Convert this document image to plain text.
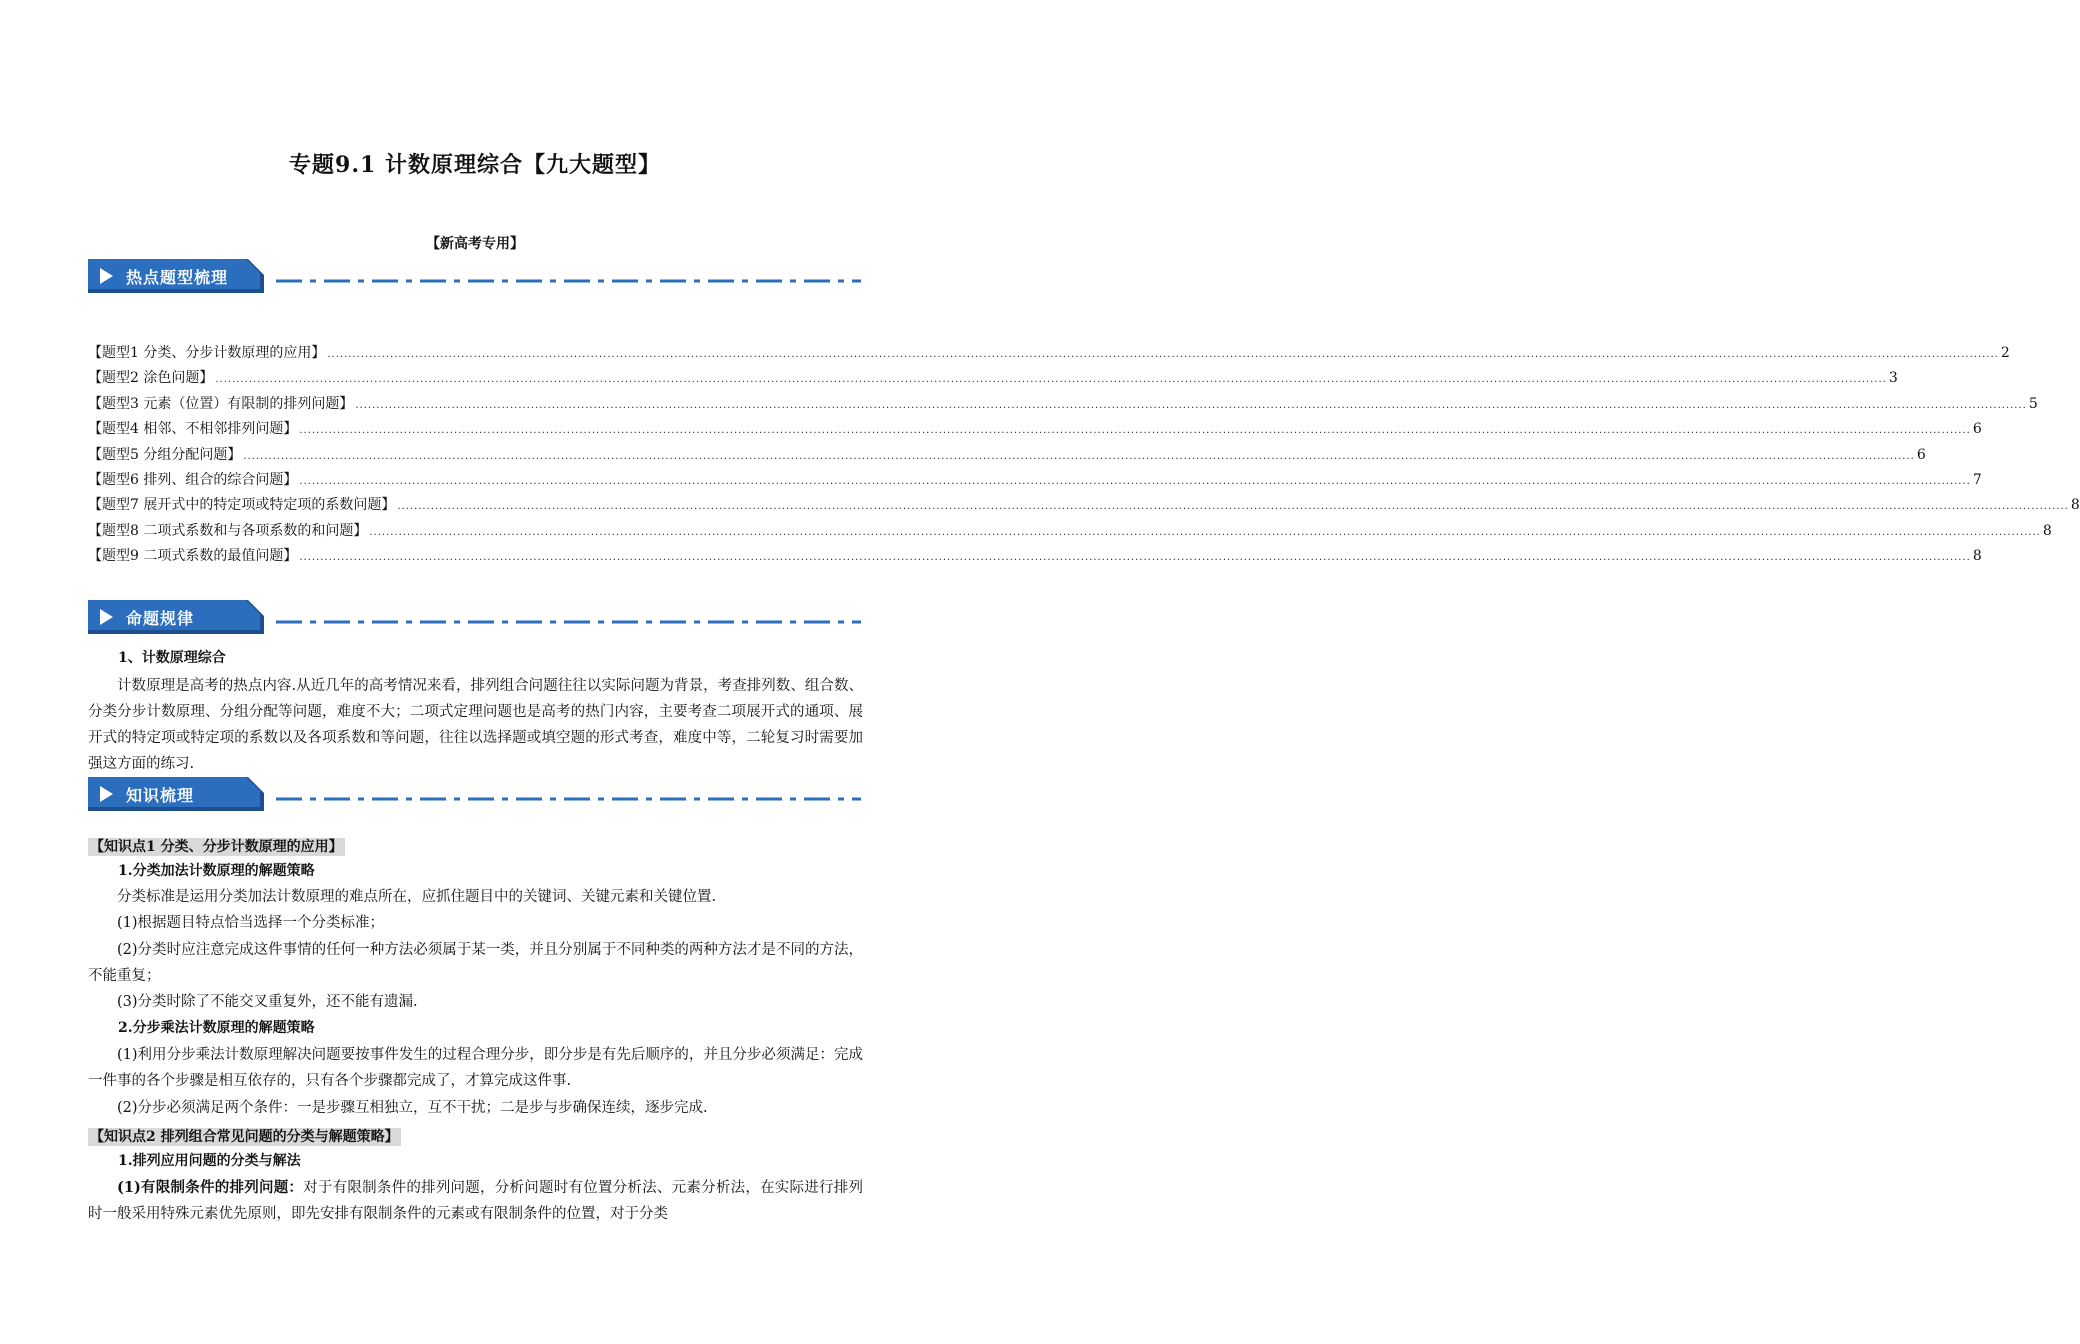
专题9.1 计数原理综合【九大题型】
【新高考专用】
热点题型梳理
【题型1 分类、分步计数原理的应用】 ................................................................................................................................................................................................................................................................................................................................................................................................................ 2
【题型2 涂色问题】 ................................................................................................................................................................................................................................................................................................................................................................................................................ 3
【题型3 元素（位置）有限制的排列问题】 ................................................................................................................................................................................................................................................................................................................................................................................................................ 5
【题型4 相邻、不相邻排列问题】 ................................................................................................................................................................................................................................................................................................................................................................................................................ 6
【题型5 分组分配问题】 ................................................................................................................................................................................................................................................................................................................................................................................................................ 6
【题型6 排列、组合的综合问题】 ................................................................................................................................................................................................................................................................................................................................................................................................................ 7
【题型7 展开式中的特定项或特定项的系数问题】 ................................................................................................................................................................................................................................................................................................................................................................................................................ 8
【题型8 二项式系数和与各项系数的和问题】 ................................................................................................................................................................................................................................................................................................................................................................................................................ 8
【题型9 二项式系数的最值问题】 ................................................................................................................................................................................................................................................................................................................................................................................................................ 8
命题规律
1、计数原理综合
计数原理是高考的热点内容.从近几年的高考情况来看，排列组合问题往往以实际问题为背景，考查排列数、组合数、分类分步计数原理、分组分配等问题，难度不大；二项式定理问题也是高考的热门内容，主要考查二项展开式的通项、展开式的特定项或特定项的系数以及各项系数和等问题，往往以选择题或填空题的形式考查，难度中等，二轮复习时需要加强这方面的练习.
知识梳理
【知识点1 分类、分步计数原理的应用】
1.分类加法计数原理的解题策略
分类标准是运用分类加法计数原理的难点所在，应抓住题目中的关键词、关键元素和关键位置.
(1)根据题目特点恰当选择一个分类标准；
(2)分类时应注意完成这件事情的任何一种方法必须属于某一类，并且分别属于不同种类的两种方法才是不同的方法，不能重复；
(3)分类时除了不能交叉重复外，还不能有遗漏.
2.分步乘法计数原理的解题策略
(1)利用分步乘法计数原理解决问题要按事件发生的过程合理分步，即分步是有先后顺序的，并且分步必须满足：完成一件事的各个步骤是相互依存的，只有各个步骤都完成了，才算完成这件事.
(2)分步必须满足两个条件：一是步骤互相独立，互不干扰；二是步与步确保连续，逐步完成.
【知识点2 排列组合常见问题的分类与解题策略】
1.排列应用问题的分类与解法
(1)有限制条件的排列问题：对于有限制条件的排列问题，分析问题时有位置分析法、元素分析法，在实际进行排列时一般采用特殊元素优先原则，即先安排有限制条件的元素或有限制条件的位置，对于分类
